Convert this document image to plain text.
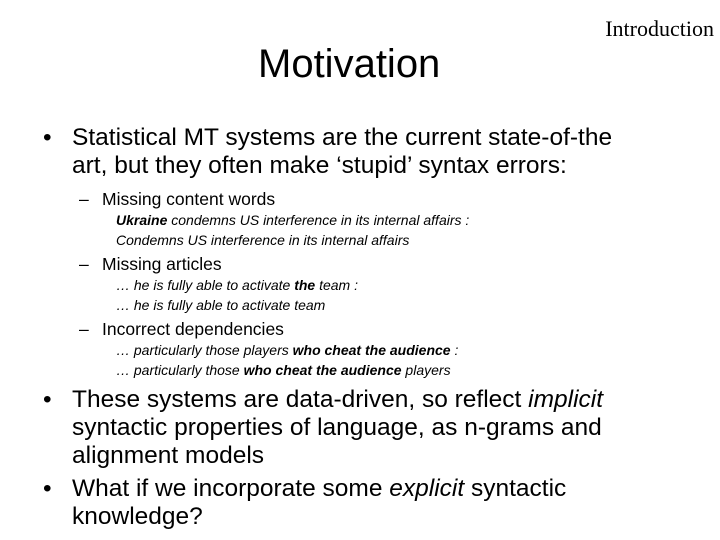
Introduction
Motivation
• Statistical MT systems are the current state-of-the
art, but they often make ‘stupid’ syntax errors:
– Missing content words
Ukraine condemns US interference in its internal affairs :
Condemns US interference in its internal affairs
– Missing articles
… he is fully able to activate the team :
… he is fully able to activate team
– Incorrect dependencies
… particularly those players who cheat the audience :
… particularly those who cheat the audience players
• These systems are data-driven, so reflect implicit
syntactic properties of language, as n-grams and
alignment models
• What if we incorporate some explicit syntactic
knowledge?
